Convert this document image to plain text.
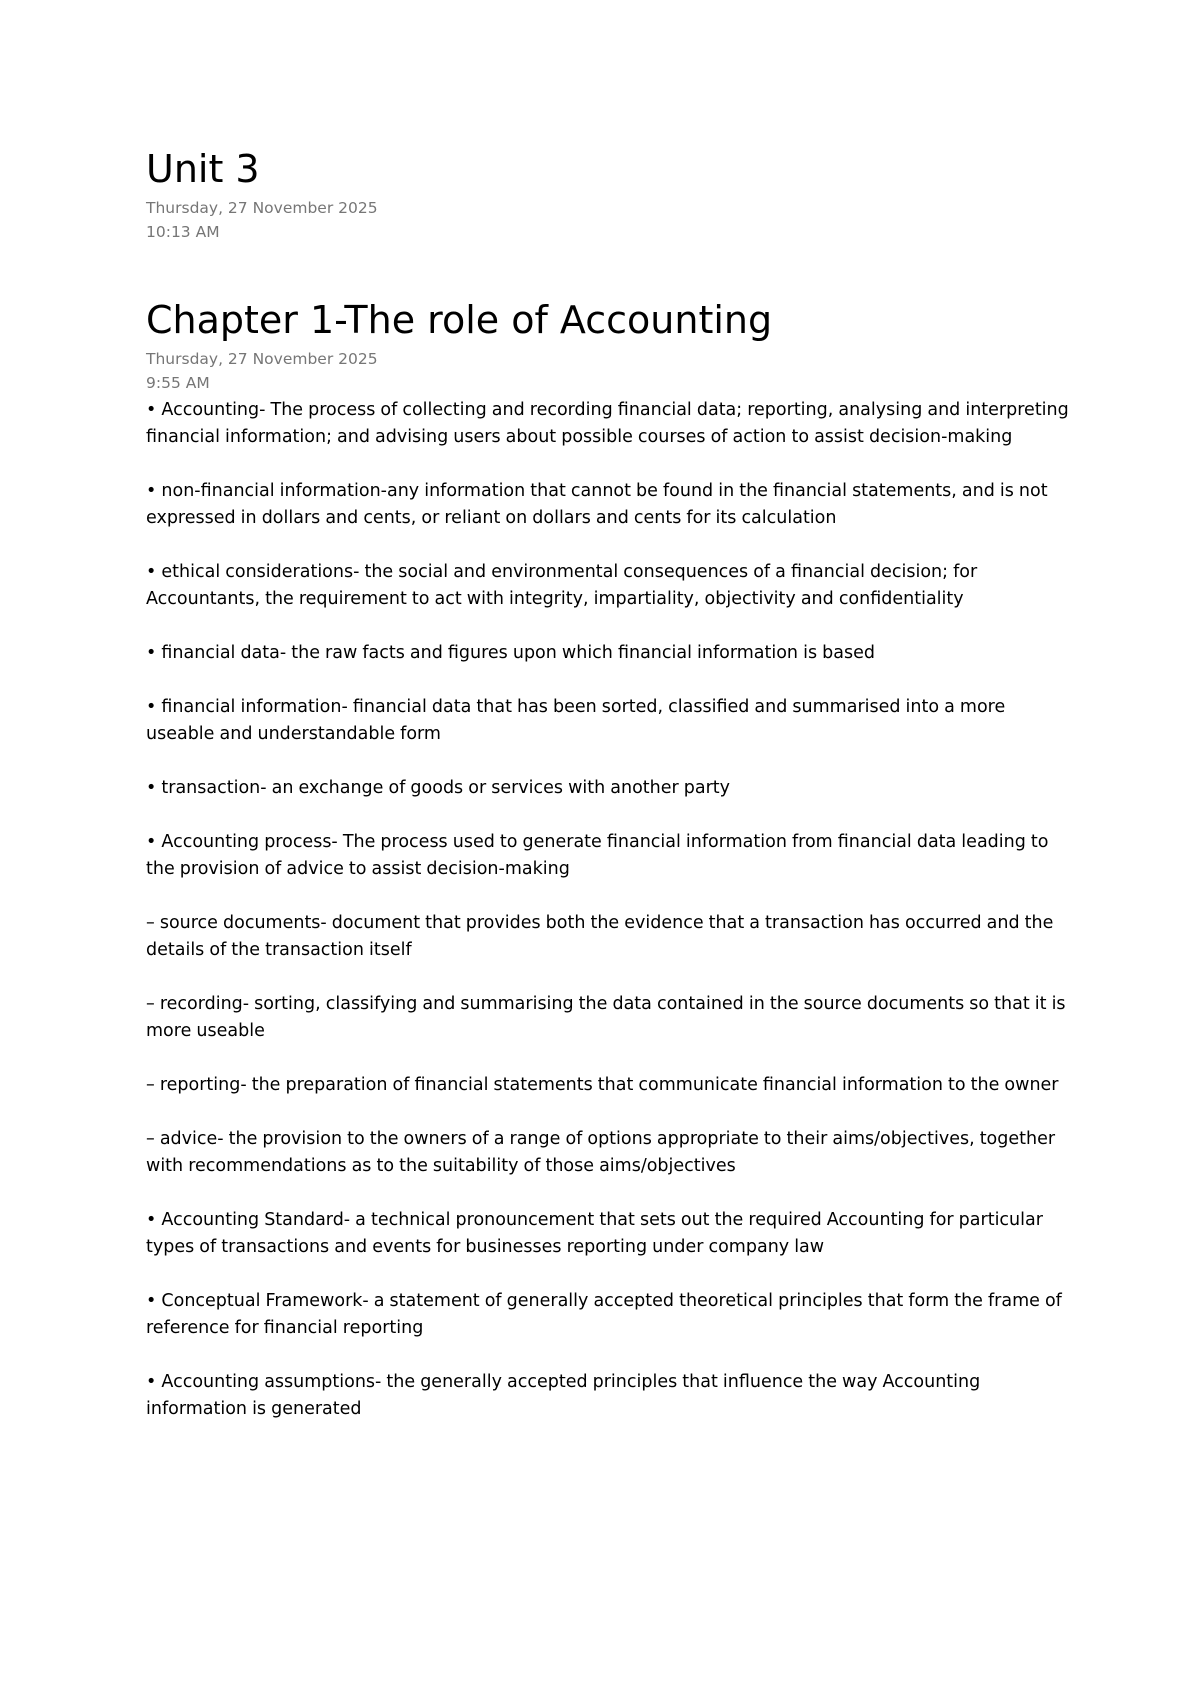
Unit 3

Thursday, 27 November 2025

10:13 AM

Chapter 1-The role of Accounting

Thursday, 27 November 2025

9:55 AM

• Accounting- The process of collecting and recording financial data; reporting, analysing and interpreting financial information; and advising users about possible courses of action to assist decision-making
• non-financial information-any information that cannot be found in the financial statements, and is not expressed in dollars and cents, or reliant on dollars and cents for its calculation
• ethical considerations- the social and environmental consequences of a financial decision; for Accountants, the requirement to act with integrity, impartiality, objectivity and confidentiality
• financial data- the raw facts and figures upon which financial information is based
• financial information- financial data that has been sorted, classified and summarised into a more useable and understandable form
• transaction- an exchange of goods or services with another party
• Accounting process- The process used to generate financial information from financial data leading to the provision of advice to assist decision-making
– source documents- document that provides both the evidence that a transaction has occurred and the details of the transaction itself
– recording- sorting, classifying and summarising the data contained in the source documents so that it is more useable
– reporting- the preparation of financial statements that communicate financial information to the owner
– advice- the provision to the owners of a range of options appropriate to their aims/objectives, together with recommendations as to the suitability of those aims/objectives
• Accounting Standard- a technical pronouncement that sets out the required Accounting for particular types of transactions and events for businesses reporting under company law
• Conceptual Framework- a statement of generally accepted theoretical principles that form the frame of reference for financial reporting
• Accounting assumptions- the generally accepted principles that influence the way Accounting information is generated
